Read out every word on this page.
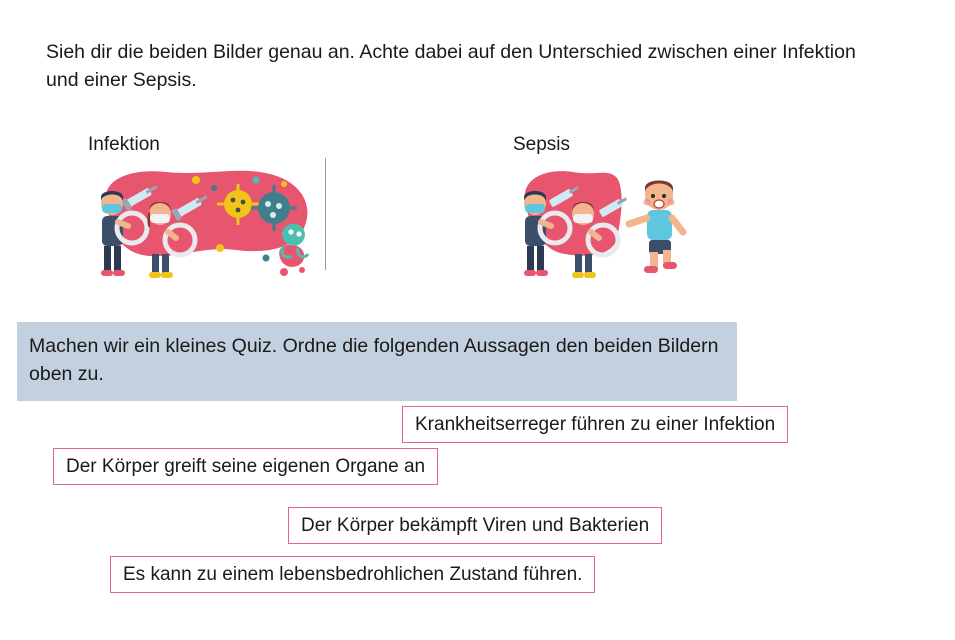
Sieh dir die beiden Bilder genau an. Achte dabei auf den Unterschied zwischen einer Infektion und einer Sepsis.

Infektion	Sepsis
Machen wir ein kleines Quiz. Ordne die folgenden Aussagen den beiden Bildern oben zu.
Krankheitserreger führen zu einer Infektion
Der Körper greift seine eigenen Organe an
Der Körper bekämpft Viren und Bakterien
Es kann zu einem lebensbedrohlichen Zustand führen.
